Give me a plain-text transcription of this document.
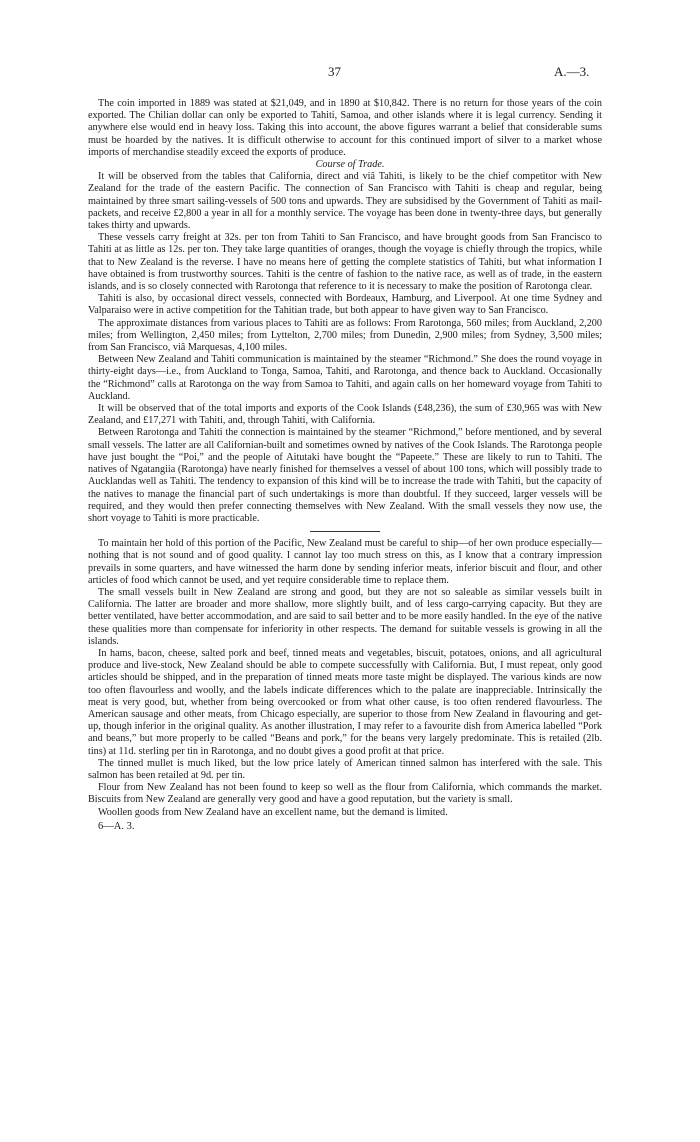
37	A.—3.

The coin imported in 1889 was stated at $21,049, and in 1890 at $10,842. There is no return for those years of the coin exported. The Chilian dollar can only be exported to Tahiti, Samoa, and other islands where it is legal currency. Sending it anywhere else would end in heavy loss. Taking this into account, the above figures warrant a belief that considerable sums must be hoarded by the natives. It is difficult otherwise to account for this continued import of silver to a market whose imports of merchandise steadily exceed the exports of produce.

Course of Trade.

It will be observed from the tables that California, direct and viâ Tahiti, is likely to be the chief competitor with New Zealand for the trade of the eastern Pacific. The connection of San Francisco with Tahiti is cheap and regular, being maintained by three smart sailing-vessels of 500 tons and upwards. They are subsidised by the Government of Tahiti as mail-packets, and receive £2,800 a year in all for a monthly service. The voyage has been done in twenty-three days, but generally takes thirty and upwards.

These vessels carry freight at 32s. per ton from Tahiti to San Francisco, and have brought goods from San Francisco to Tahiti at as little as 12s. per ton. They take large quantities of oranges, though the voyage is chiefly through the tropics, while that to New Zealand is the reverse. I have no means here of getting the complete statistics of Tahiti, but what information I have obtained is from trustworthy sources. Tahiti is the centre of fashion to the native race, as well as of trade, in the eastern islands, and is so closely connected with Rarotonga that reference to it is necessary to make the position of Rarotonga clear.

Tahiti is also, by occasional direct vessels, connected with Bordeaux, Hamburg, and Liverpool. At one time Sydney and Valparaiso were in active competition for the Tahitian trade, but both appear to have given way to San Francisco.

The approximate distances from various places to Tahiti are as follows: From Rarotonga, 560 miles; from Auckland, 2,200 miles; from Wellington, 2,450 miles; from Lyttelton, 2,700 miles; from Dunedin, 2,900 miles; from Sydney, 3,500 miles; from San Francisco, viâ Marquesas, 4,100 miles.

Between New Zealand and Tahiti communication is maintained by the steamer “Richmond.” She does the round voyage in thirty-eight days—i.e., from Auckland to Tonga, Samoa, Tahiti, and Rarotonga, and thence back to Auckland. Occasionally the “Richmond” calls at Rarotonga on the way from Samoa to Tahiti, and again calls on her homeward voyage from Tahiti to Auckland.

It will be observed that of the total imports and exports of the Cook Islands (£48,236), the sum of £30,965 was with New Zealand, and £17,271 with Tahiti, and, through Tahiti, with California.

Between Rarotonga and Tahiti the connection is maintained by the steamer “Richmond,” before mentioned, and by several small vessels. The latter are all Californian-built and sometimes owned by natives of the Cook Islands. The Rarotonga people have just bought the “Poi,” and the people of Aitutaki have bought the “Papeete.” These are likely to run to Tahiti. The natives of Ngatangiia (Rarotonga) have nearly finished for themselves a vessel of about 100 tons, which will possibly trade to Aucklandas well as Tahiti. The tendency to expansion of this kind will be to increase the trade with Tahiti, but the capacity of the natives to manage the financial part of such undertakings is more than doubtful. If they succeed, larger vessels will be required, and they would then prefer connecting themselves with New Zealand. With the small vessels they now use, the short voyage to Tahiti is more practicable.

To maintain her hold of this portion of the Pacific, New Zealand must be careful to ship—of her own produce especially—nothing that is not sound and of good quality. I cannot lay too much stress on this, as I know that a contrary impression prevails in some quarters, and have witnessed the harm done by sending inferior meats, inferior biscuit and flour, and other articles of food which cannot be used, and yet require considerable time to replace them.

The small vessels built in New Zealand are strong and good, but they are not so saleable as similar vessels built in California. The latter are broader and more shallow, more slightly built, and of less cargo-carrying capacity. But they are better ventilated, have better accommodation, and are said to sail better and to be more easily handled. In the eye of the native these qualities more than compensate for inferiority in other respects. The demand for suitable vessels is growing in all the islands.

In hams, bacon, cheese, salted pork and beef, tinned meats and vegetables, biscuit, potatoes, onions, and all agricultural produce and live-stock, New Zealand should be able to compete successfully with California. But, I must repeat, only good articles should be shipped, and in the preparation of tinned meats more taste might be displayed. The various kinds are now too often flavourless and woolly, and the labels indicate differences which to the palate are inappreciable. Intrinsically the meat is very good, but, whether from being overcooked or from what other cause, is too often rendered flavourless. The American sausage and other meats, from Chicago especially, are superior to those from New Zealand in flavouring and get-up, though inferior in the original quality. As another illustration, I may refer to a favourite dish from America labelled “Pork and beans,” but more properly to be called “Beans and pork,” for the beans very largely predominate. This is retailed (2lb. tins) at 11d. sterling per tin in Rarotonga, and no doubt gives a good profit at that price.

The tinned mullet is much liked, but the low price lately of American tinned salmon has interfered with the sale. This salmon has been retailed at 9d. per tin.

Flour from New Zealand has not been found to keep so well as the flour from California, which commands the market. Biscuits from New Zealand are generally very good and have a good reputation, but the variety is small.

Woollen goods from New Zealand have an excellent name, but the demand is limited.

6—A. 3.
